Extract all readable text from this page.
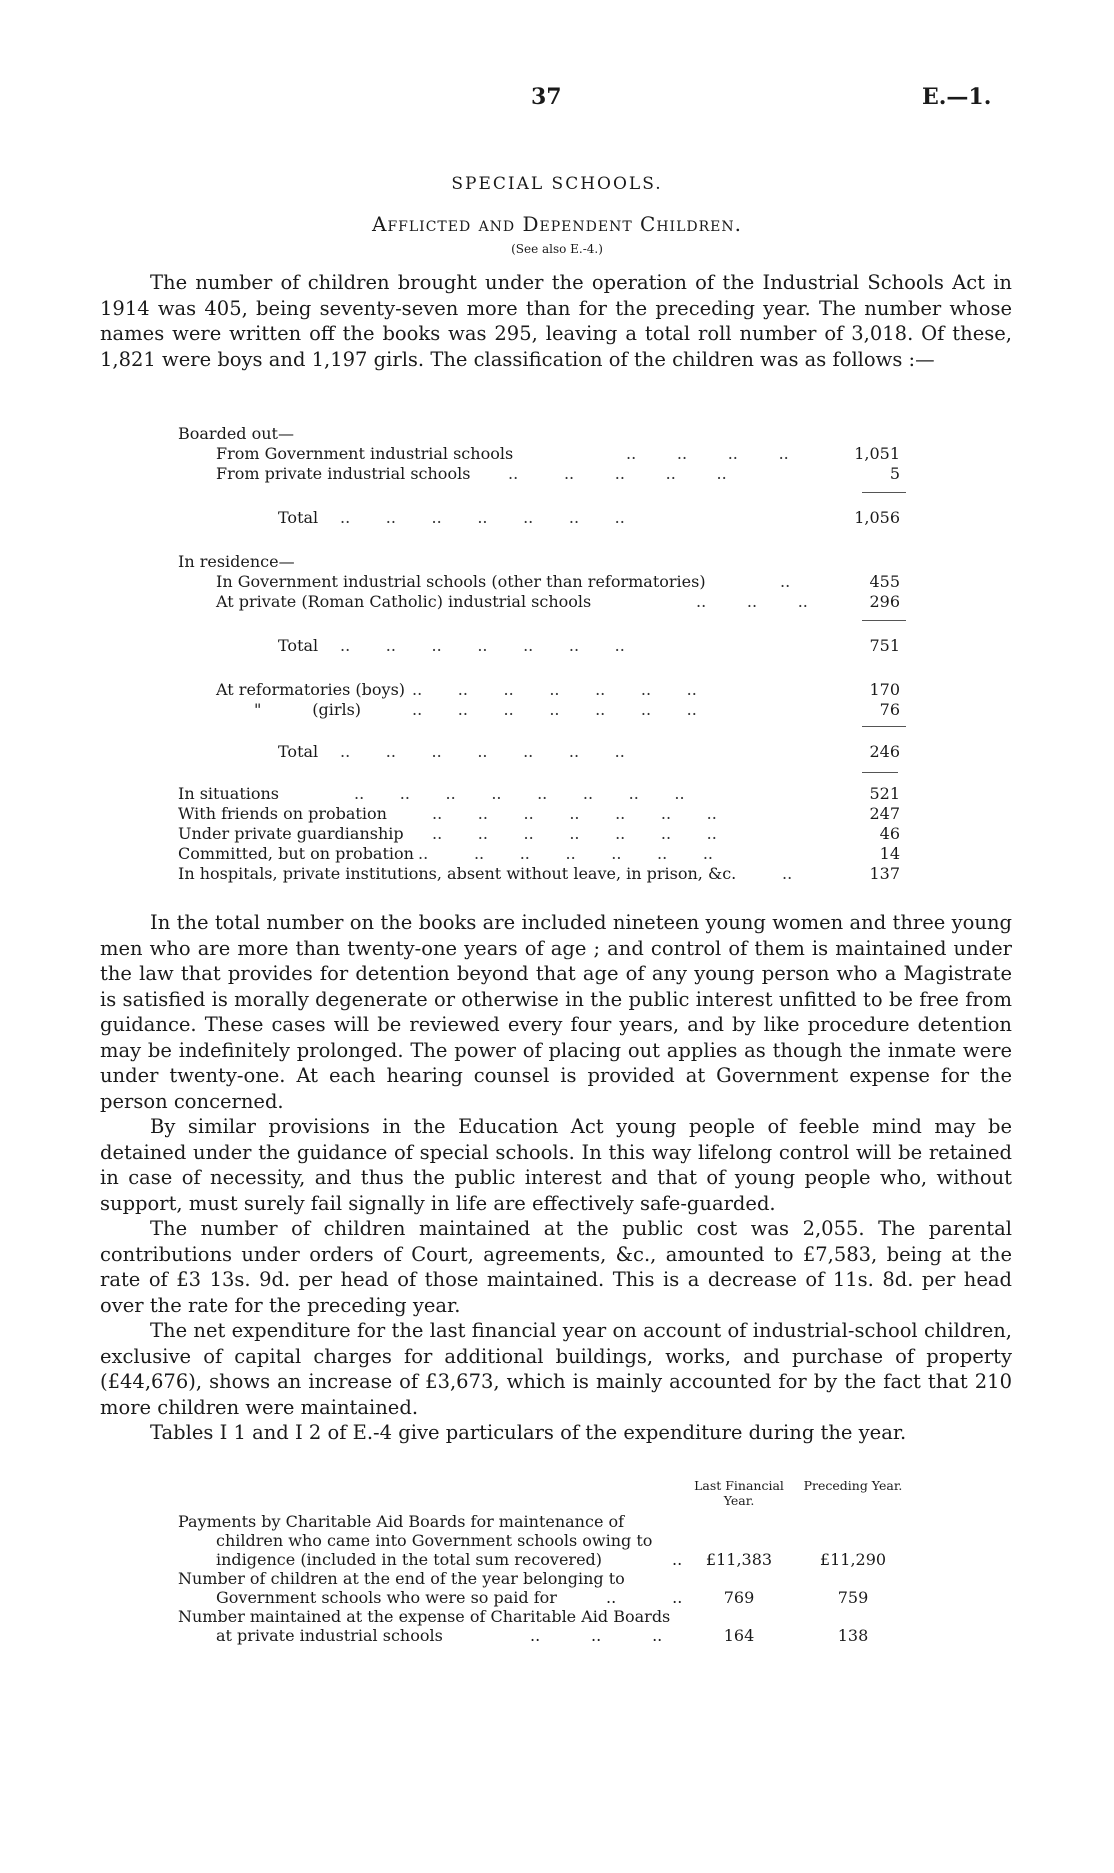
37	E.—1.
SPECIAL SCHOOLS.
Afflicted and Dependent Children.
(See also E.-4.)

The number of children brought under the operation of the Industrial Schools Act in 1914 was 405, being seventy-seven more than for the preceding year. The number whose names were written off the books was 295, leaving a total roll number of 3,018. Of these, 1,821 were boys and 1,197 girls. The classification of the children was as follows :—

Boarded out—
From Government industrial schools	..        ..        ..        ..	1,051
From private industrial schools ..         ..        ..        ..        ..	5
Total ..       ..       ..       ..       ..       ..       ..	1,056
In residence—
In Government industrial schools (other than reformatories)	..	455
At private (Roman Catholic) industrial schools	..        ..        ..	296
Total ..       ..       ..       ..       ..       ..       ..	751
At reformatories (boys) ..       ..       ..       ..       ..       ..       ..	170
"          (girls)	..       ..       ..       ..       ..       ..       ..	76
Total ..       ..       ..       ..       ..       ..       ..	246
In situations	..       ..       ..       ..       ..       ..       ..       ..	521
With friends on probation	..       ..       ..       ..       ..       ..       ..	247
Under private guardianship ..       ..       ..       ..       ..       ..       ..	46
Committed, but on probation ..         ..       ..       ..       ..       ..       ..	14
In hospitals, private institutions, absent without leave, in prison, &c.	..	137

In the total number on the books are included nineteen young women and three young men who are more than twenty-one years of age ; and control of them is maintained under the law that provides for detention beyond that age of any young person who a Magistrate is satisfied is morally degenerate or otherwise in the public interest unfitted to be free from guidance. These cases will be reviewed every four years, and by like procedure detention may be indefinitely prolonged. The power of placing out applies as though the inmate were under twenty-one. At each hearing counsel is provided at Government expense for the person concerned.

By similar provisions in the Education Act young people of feeble mind may be detained under the guidance of special schools. In this way lifelong control will be retained in case of necessity, and thus the public interest and that of young people who, without support, must surely fail signally in life are effectively safe-guarded.

The number of children maintained at the public cost was 2,055. The parental contributions under orders of Court, agreements, &c., amounted to £7,583, being at the rate of £3 13s. 9d. per head of those maintained. This is a decrease of 11s. 8d. per head over the rate for the preceding year.

The net expenditure for the last financial year on account of industrial-school children, exclusive of capital charges for additional buildings, works, and purchase of property (£44,676), shows an increase of £3,673, which is mainly accounted for by the fact that 210 more children were maintained.

Tables I 1 and I 2 of E.-4 give particulars of the expenditure during the year.

Last Financial Year.
Preceding Year.
Payments by Charitable Aid Boards for maintenance of
children who came into Government schools owing to
indigence (included in the total sum recovered)	..	£11,383	£11,290
Number of children at the end of the year belonging to
Government schools who were so paid for	..           ..	769	759
Number maintained at the expense of Charitable Aid Boards
at private industrial schools	..          ..          ..	164	138
